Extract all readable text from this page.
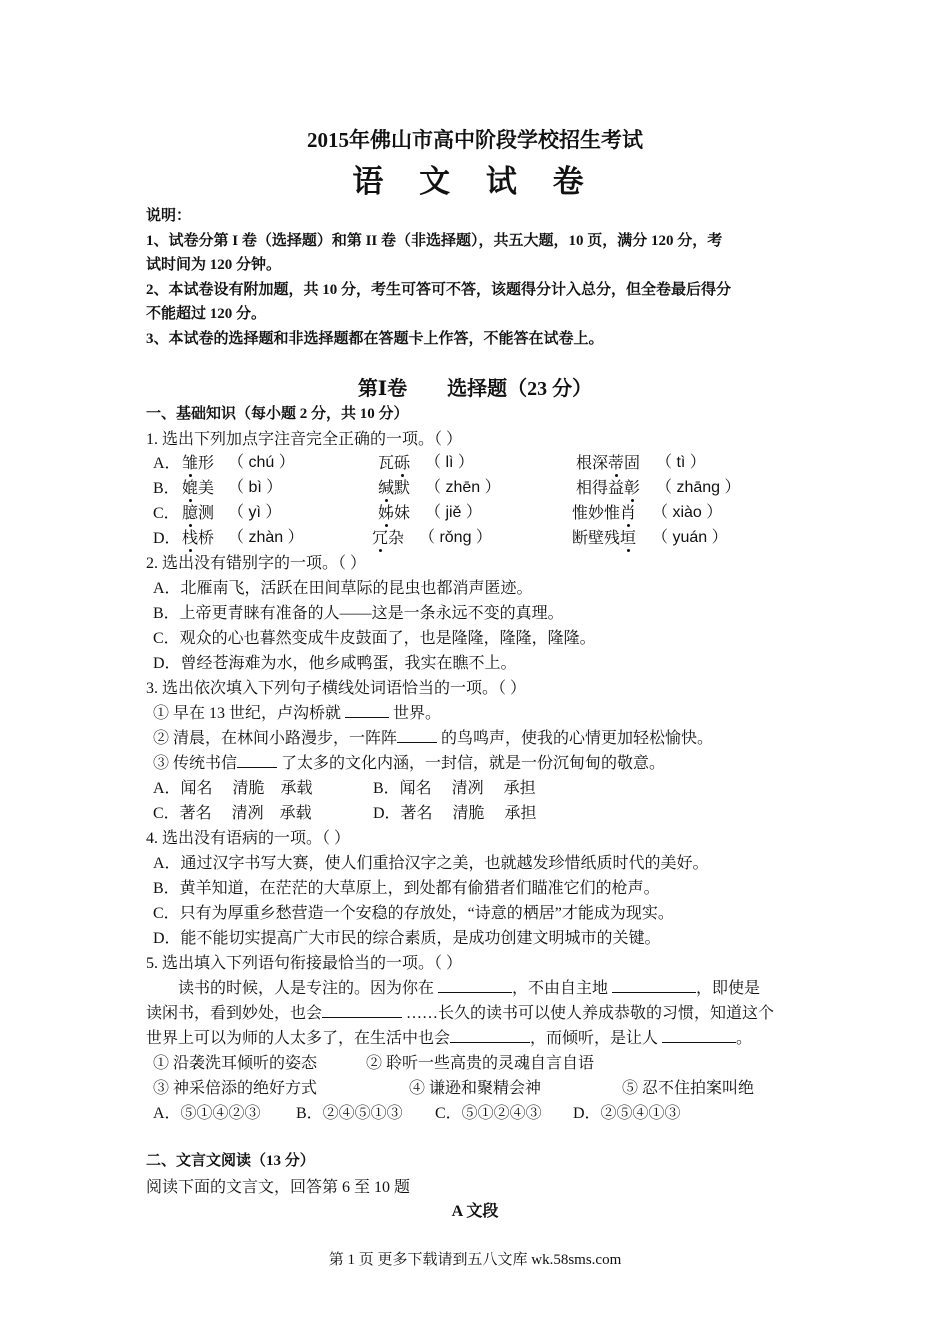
2015年佛山市高中阶段学校招生考试
语 文 试 卷
说明：
1、试卷分第 I 卷（选择题）和第 II 卷（非选择题），共五大题，10 页，满分 120 分，考
试时间为 120 分钟。
2、本试卷设有附加题，共 10 分，考生可答可不答，该题得分计入总分，但全卷最后得分
不能超过 120 分。
3、本试卷的选择题和非选择题都在答题卡上作答，不能答在试卷上。
第Ⅰ卷　　选择题（23 分）
一、基础知识（每小题 2 分，共 10 分）
1. 选出下列加点字注音完全正确的一项。（ ）
A． 雏形 （ chú ）	瓦砾 （ lì ）	根深蒂固 （ tì ）
B． 媲美 （ bì ）	缄默 （ zhēn ）	相得益彰 （ zhāng ）
C． 臆测 （ yì ）	姊妹 （ jiě ）	惟妙惟肖 （ xiào ）
D． 栈桥 （ zhàn ）	冗杂 （ rǒng ）	断壁残垣 （ yuán ）
2. 选出没有错别字的一项。（ ）
A．北雁南飞，活跃在田间草际的昆虫也都消声匿迹。
B．上帝更青睐有准备的人——这是一条永远不变的真理。
C．观众的心也暮然变成牛皮鼓面了，也是隆隆，隆隆，隆隆。
D．曾经苍海难为水，他乡咸鸭蛋，我实在瞧不上。
3. 选出依次填入下列句子横线处词语恰当的一项。（ ）
① 早在 13 世纪，卢沟桥就	世界。
② 清晨，在林间小路漫步，一阵阵	的鸟鸣声，使我的心情更加轻松愉快。
③ 传统书信	了太多的文化内涵，一封信，就是一份沉甸甸的敬意。
A．闻名　 清脆　承载	B．闻名　 清冽　 承担
C．著名　 清冽　承载	D．著名　 清脆　 承担
4. 选出没有语病的一项。（ ）
A．通过汉字书写大赛，使人们重拾汉字之美，也就越发珍惜纸质时代的美好。
B．黄羊知道，在茫茫的大草原上，到处都有偷猎者们瞄准它们的枪声。
C．只有为厚重乡愁营造一个安稳的存放处，“诗意的栖居”才能成为现实。
D．能不能切实提高广大市民的综合素质，是成功创建文明城市的关键。
5. 选出填入下列语句衔接最恰当的一项。（ ）
读书的时候，人是专注的。因为你在	，不由自主地	，即使是
读闲书，看到妙处，也会	……长久的读书可以使人养成恭敬的习惯，知道这个
世界上可以为师的人太多了，在生活中也会	，而倾听，是让人	。
① 沿袭洗耳倾听的姿态	② 聆听一些高贵的灵魂自言自语
③ 神采倍添的绝好方式	④ 谦逊和聚精会神	⑤ 忍不住拍案叫绝
A．⑤①④②③ B．②④⑤①③ C．⑤①②④③ D．②⑤④①③
二、文言文阅读（13 分）
阅读下面的文言文，回答第 6 至 10 题
A 文段
第 1 页 更多下载请到五八文库 wk.58sms.com
